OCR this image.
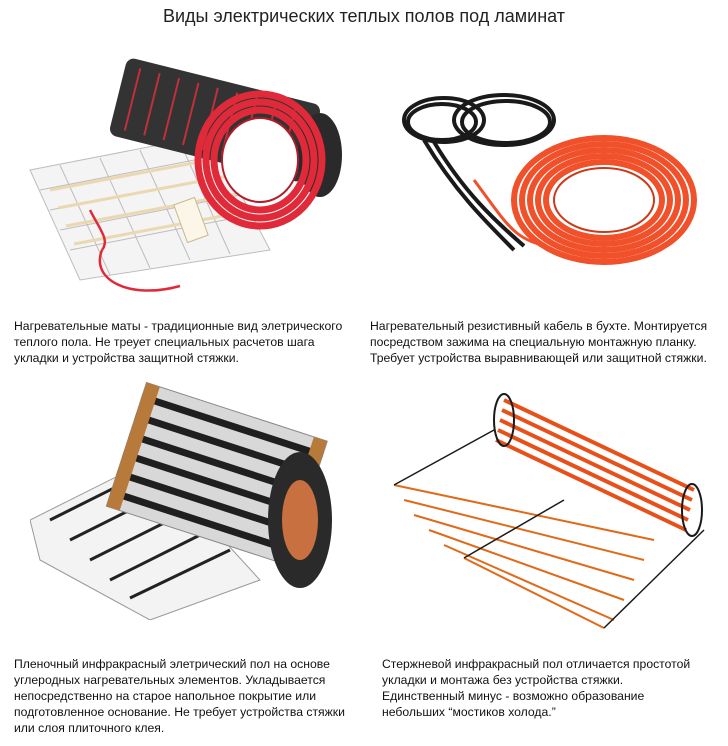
Виды электрических теплых полов под ламинат
Нагревательные маты - традиционные вид элетрического теплого пола. Не треует специальных расчетов шага укладки и устройства защитной стяжки.
Нагревательный резистивный кабель в бухте. Монтируется посредством зажима на специальную монтажную планку. Требует устройства выравнивающей или защитной стяжки.
Пленочный инфракрасный элетрический пол на основе углеродных нагревательных элементов. Укладывается непосредственно на старое напольное покрытие или подготовленное основание. Не требует устройства стяжки или слоя плиточного клея.
Стержневой инфракрасный пол отличается простотой укладки и монтажа без устройства стяжки. Единственный минус - возможно образование небольших “мостиков холода.”
